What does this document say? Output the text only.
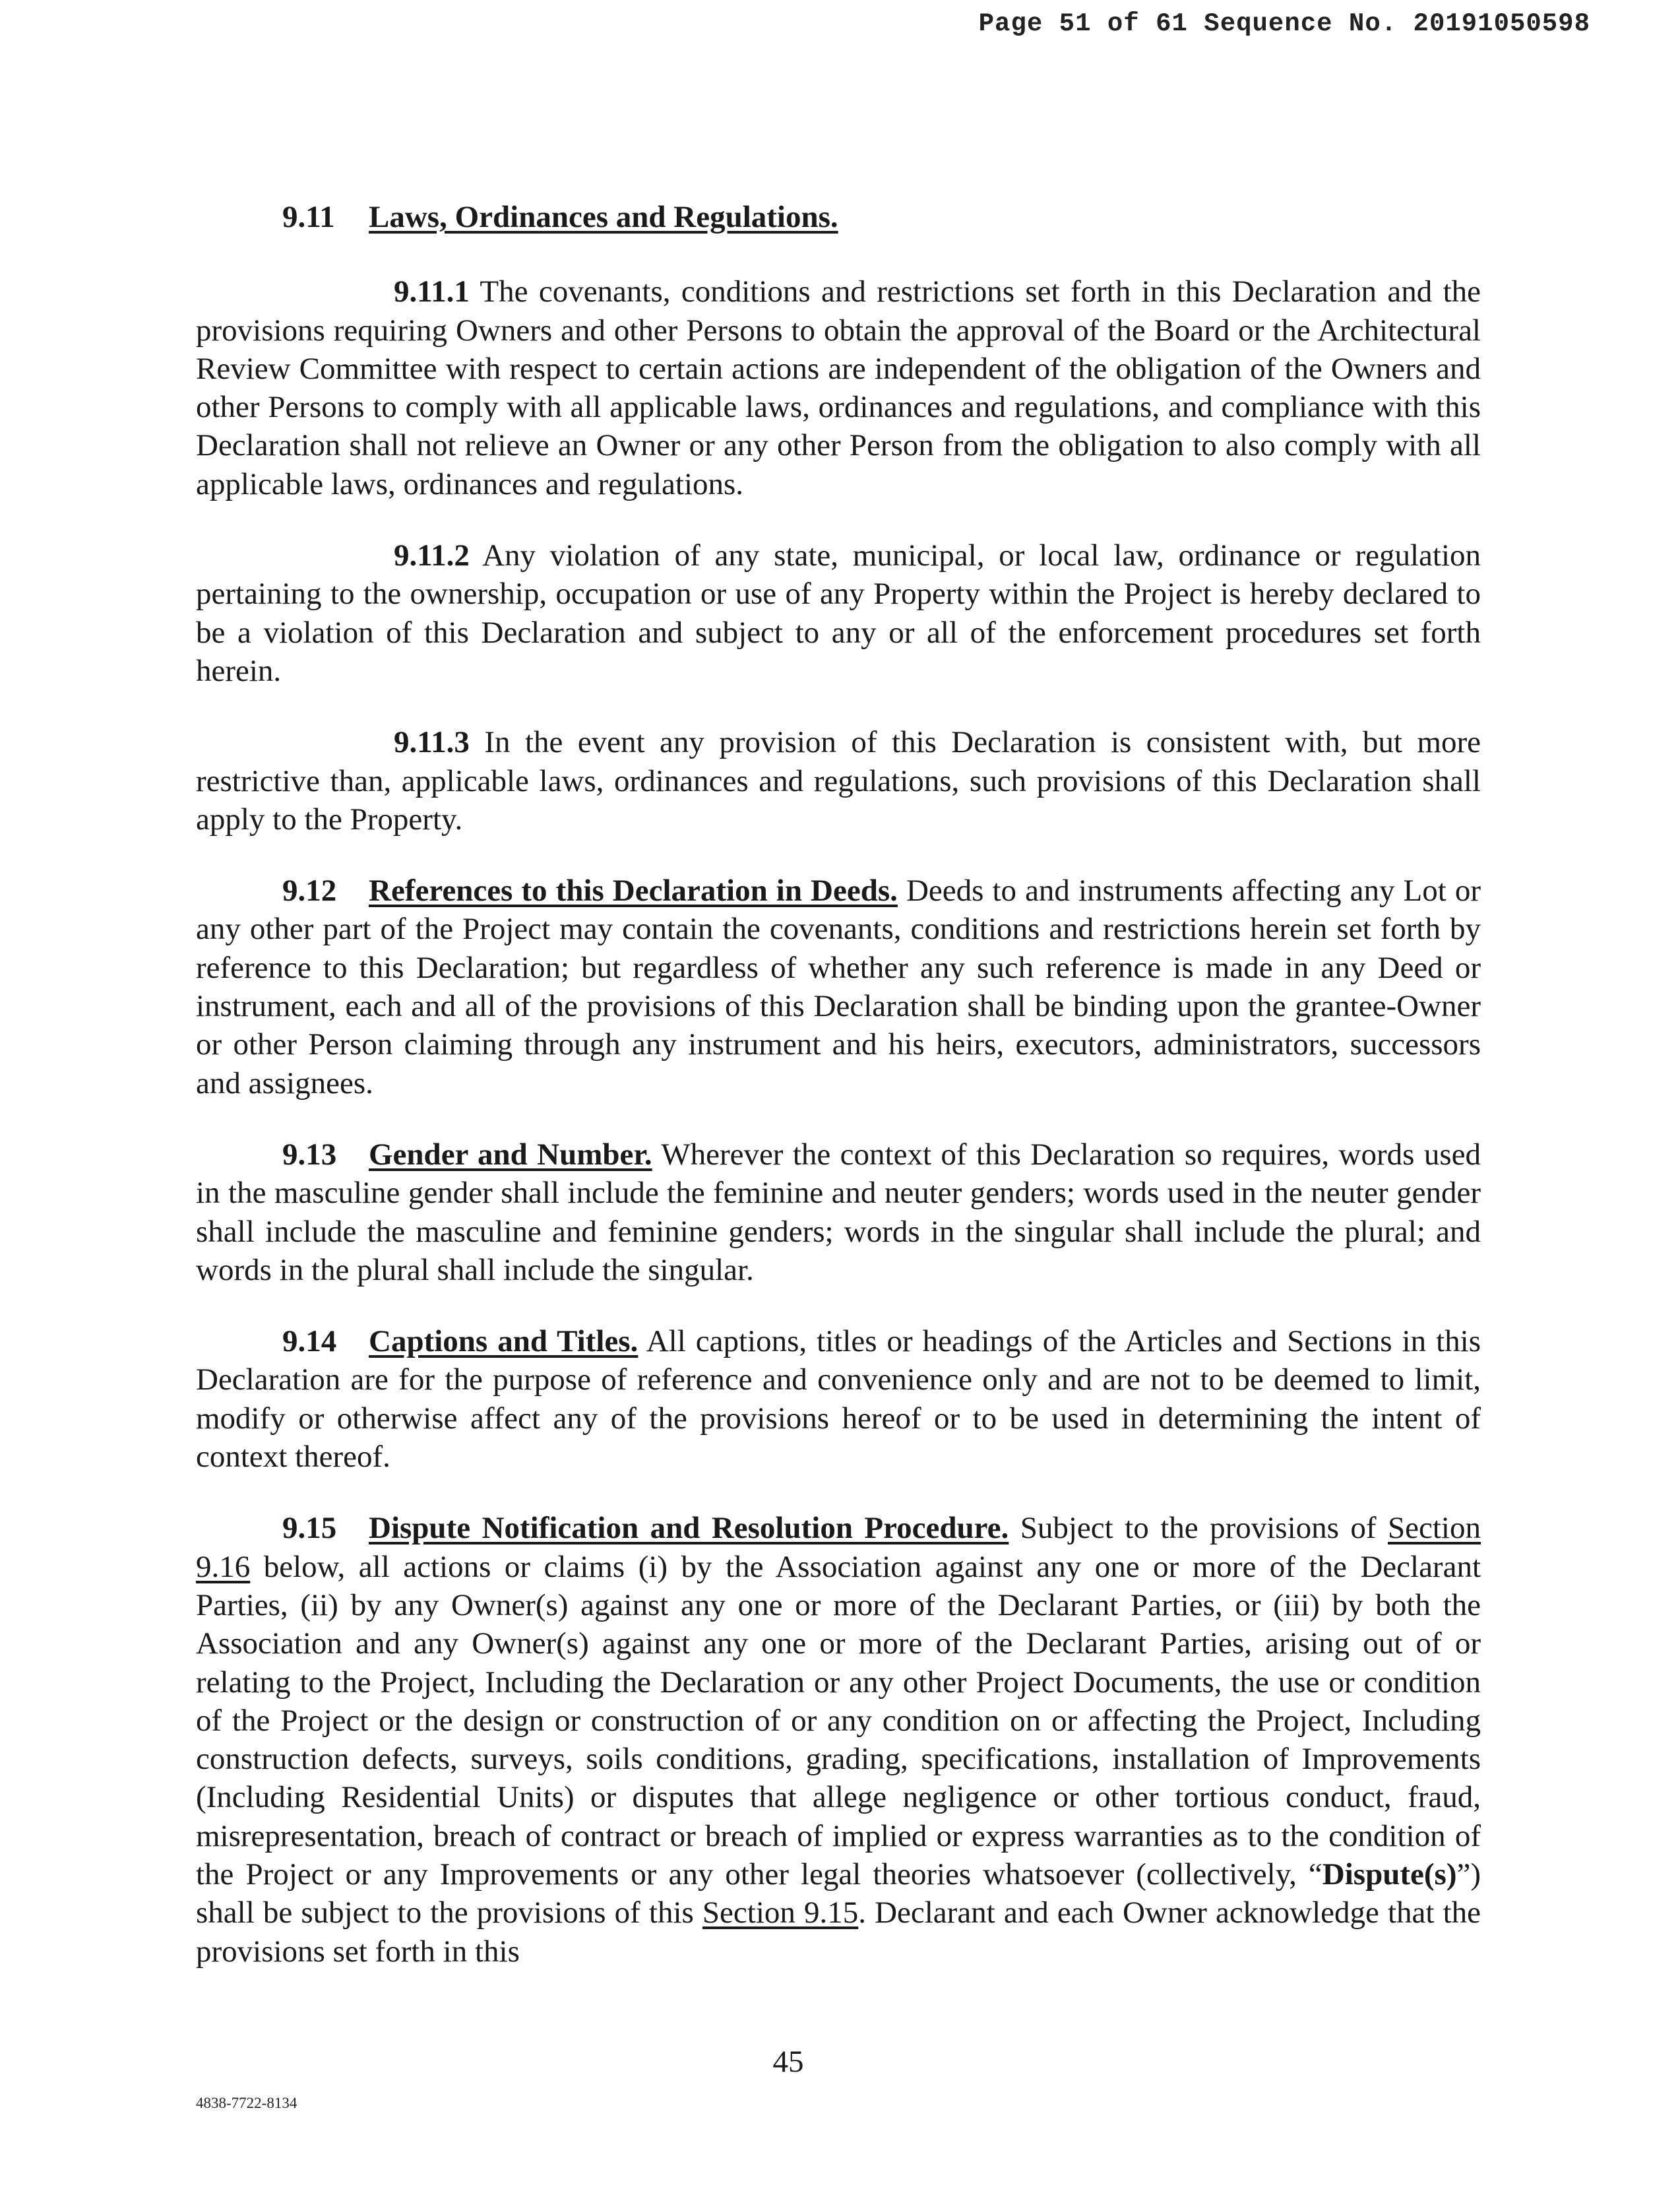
Page 51 of 61 Sequence No. 20191050598

9.11 Laws, Ordinances and Regulations.

9.11.1 The covenants, conditions and restrictions set forth in this Declaration and the provisions requiring Owners and other Persons to obtain the approval of the Board or the Architectural Review Committee with respect to certain actions are independent of the obligation of the Owners and other Persons to comply with all applicable laws, ordinances and regulations, and compliance with this Declaration shall not relieve an Owner or any other Person from the obligation to also comply with all applicable laws, ordinances and regulations.

9.11.2 Any violation of any state, municipal, or local law, ordinance or regulation pertaining to the ownership, occupation or use of any Property within the Project is hereby declared to be a violation of this Declaration and subject to any or all of the enforcement procedures set forth herein.

9.11.3 In the event any provision of this Declaration is consistent with, but more restrictive than, applicable laws, ordinances and regulations, such provisions of this Declaration shall apply to the Property.

9.12 References to this Declaration in Deeds. Deeds to and instruments affecting any Lot or any other part of the Project may contain the covenants, conditions and restrictions herein set forth by reference to this Declaration; but regardless of whether any such reference is made in any Deed or instrument, each and all of the provisions of this Declaration shall be binding upon the grantee-Owner or other Person claiming through any instrument and his heirs, executors, administrators, successors and assignees.

9.13 Gender and Number. Wherever the context of this Declaration so requires, words used in the masculine gender shall include the feminine and neuter genders; words used in the neuter gender shall include the masculine and feminine genders; words in the singular shall include the plural; and words in the plural shall include the singular.

9.14 Captions and Titles. All captions, titles or headings of the Articles and Sections in this Declaration are for the purpose of reference and convenience only and are not to be deemed to limit, modify or otherwise affect any of the provisions hereof or to be used in determining the intent of context thereof.

9.15 Dispute Notification and Resolution Procedure. Subject to the provisions of Section 9.16 below, all actions or claims (i) by the Association against any one or more of the Declarant Parties, (ii) by any Owner(s) against any one or more of the Declarant Parties, or (iii) by both the Association and any Owner(s) against any one or more of the Declarant Parties, arising out of or relating to the Project, Including the Declaration or any other Project Documents, the use or condition of the Project or the design or construction of or any condition on or affecting the Project, Including construction defects, surveys, soils conditions, grading, specifications, installation of Improvements (Including Residential Units) or disputes that allege negligence or other tortious conduct, fraud, misrepresentation, breach of contract or breach of implied or express warranties as to the condition of the Project or any Improvements or any other legal theories whatsoever (collectively, “Dispute(s)”) shall be subject to the provisions of this Section 9.15. Declarant and each Owner acknowledge that the provisions set forth in this

45
4838-7722-8134
